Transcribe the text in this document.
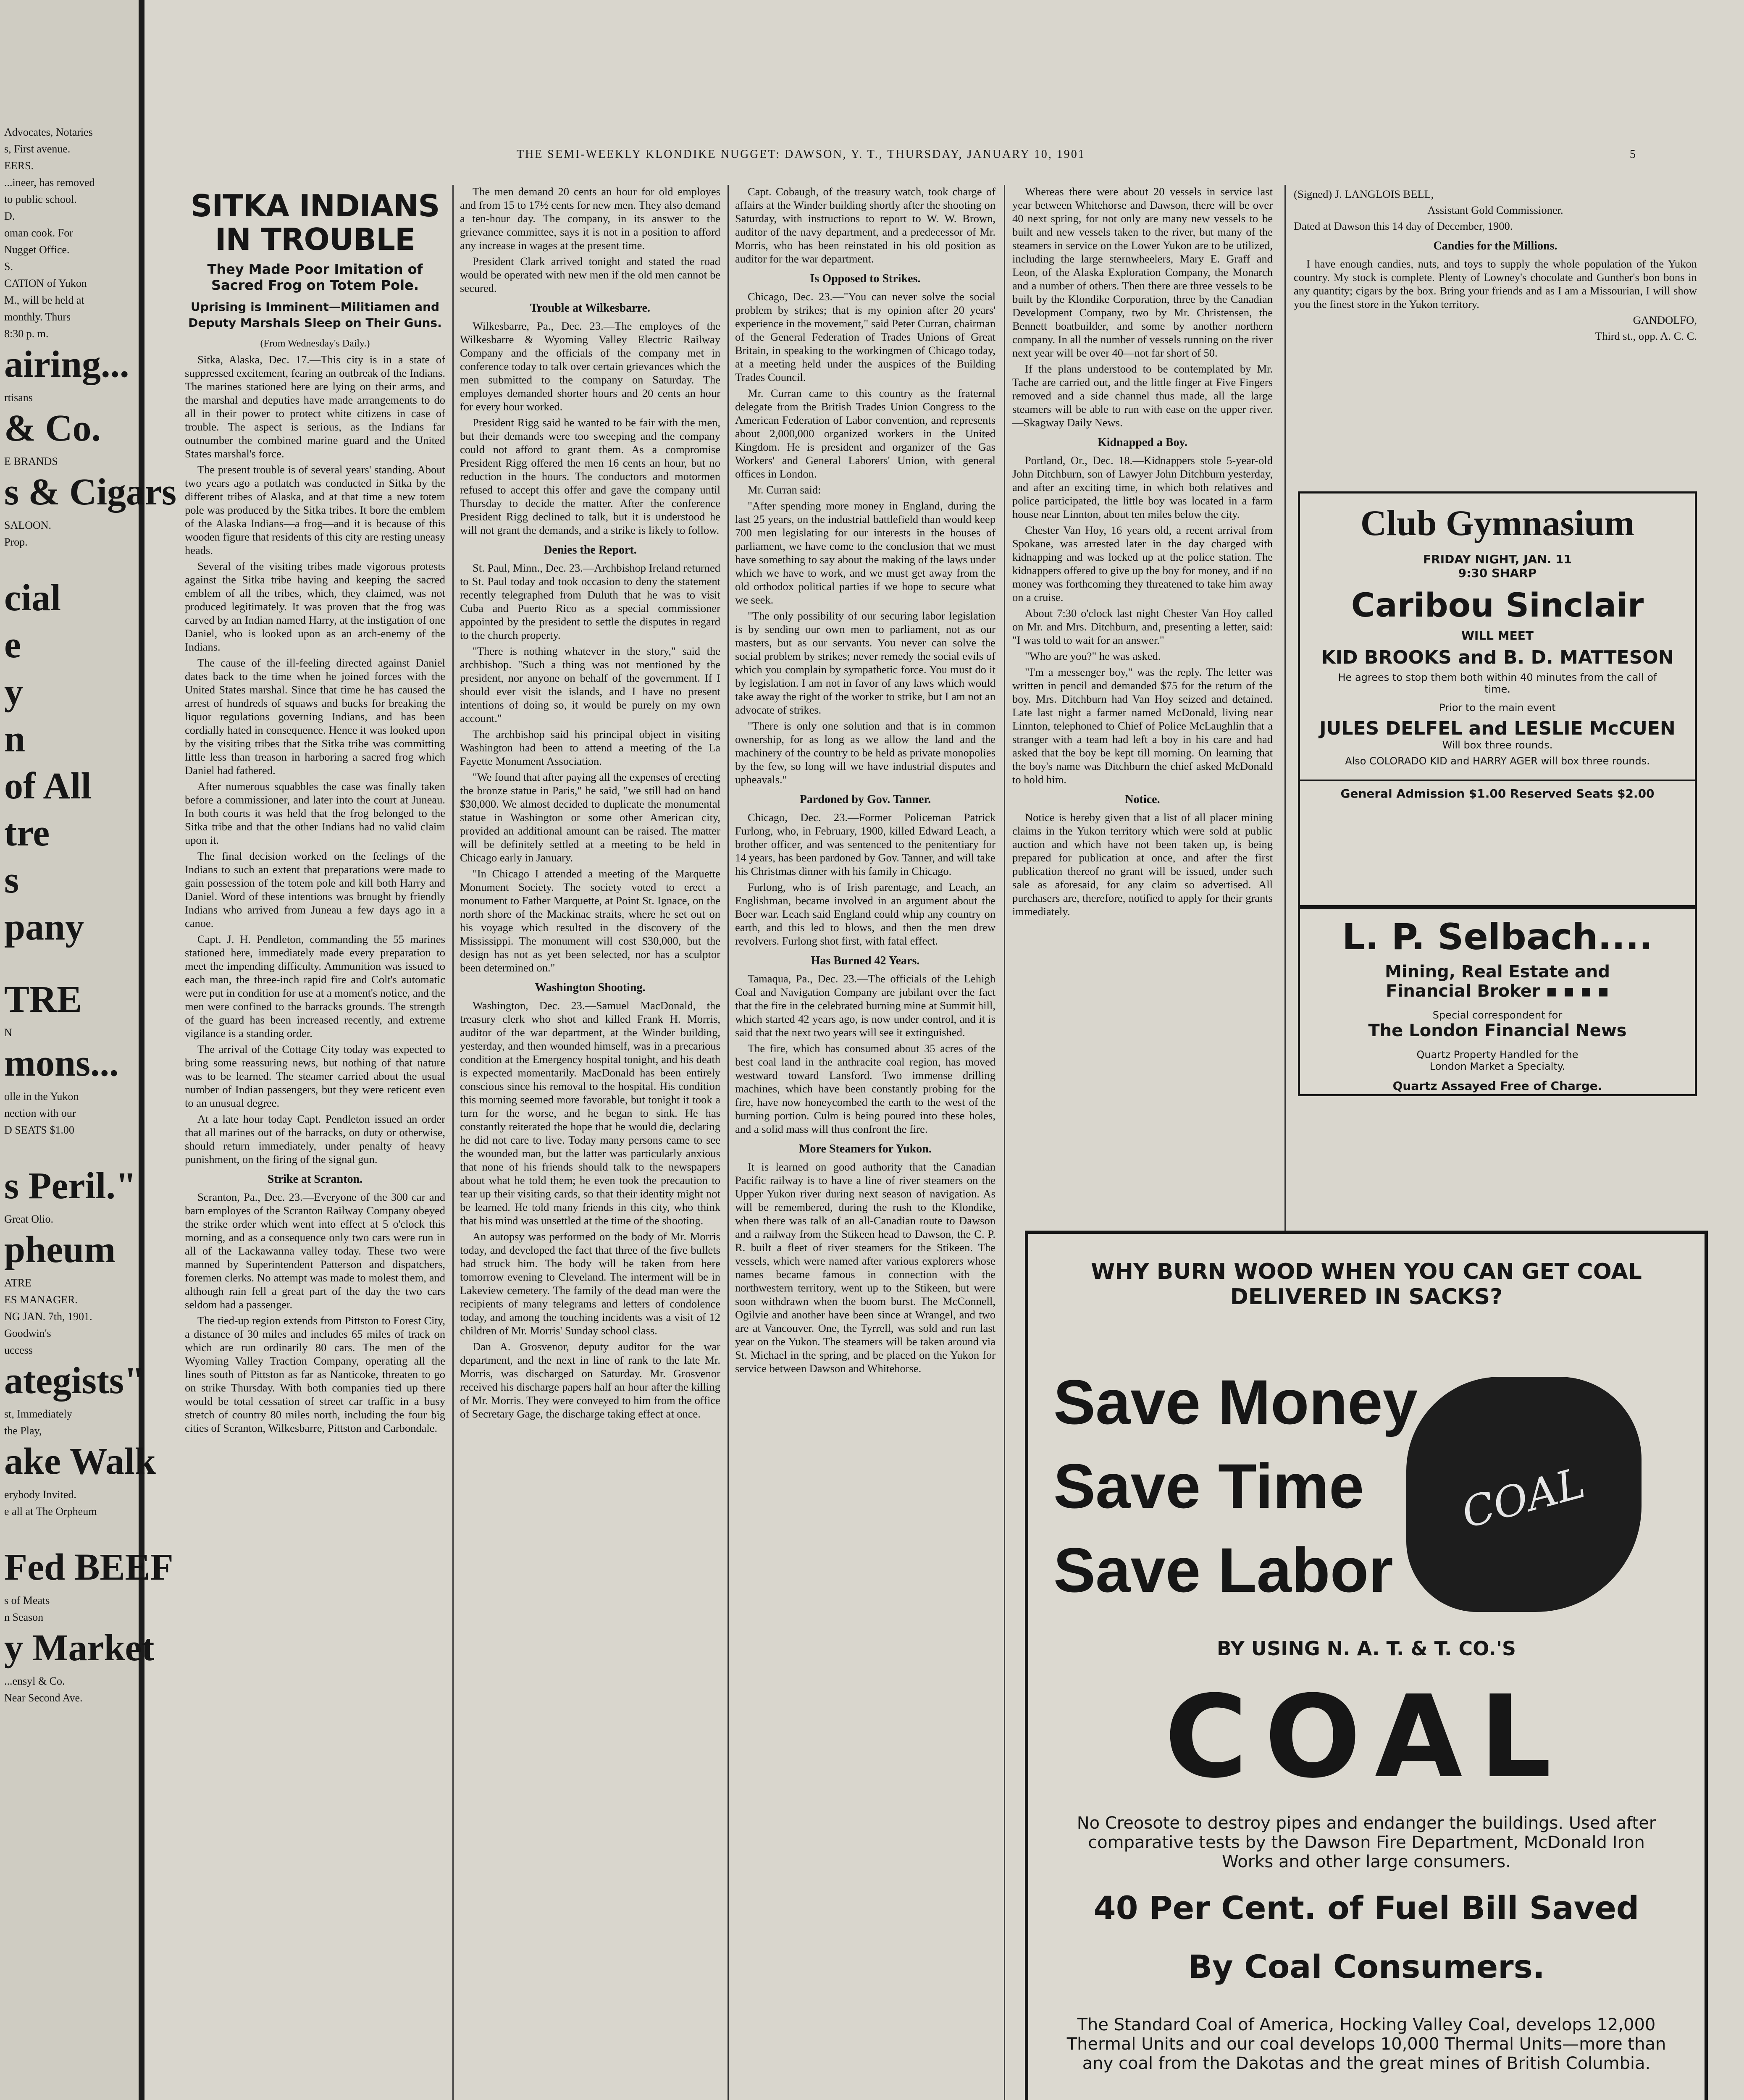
Advocates, Notaries
s, First avenue.
EERS.
...ineer, has removed
to public school.
D.
oman cook. For
Nugget Office.
S.
CATION of Yukon
M., will be held at
monthly. Thurs
8:30 p. m.
airing...
rtisans
& Co.
E BRANDS
s & Cigars
SALOON.
Prop.
cial
e
y
n
of All
tre
s
pany
TRE
N
mons...
olle in the Yukon
nection with our
D SEATS $1.00
s Peril."
Great Olio.
pheum
ATRE
ES MANAGER.
NG JAN. 7th, 1901.
Goodwin's
uccess
ategists"
st, Immediately
the Play,
ake Walk
erybody Invited.
e all at The Orpheum
Fed BEEF
s of Meats
n Season
y Market
...ensyl & Co.
Near Second Ave.
THE SEMI-WEEKLY KLONDIKE NUGGET: DAWSON, Y. T., THURSDAY, JANUARY 10, 1901	5
SITKA INDIANS IN TROUBLE
They Made Poor Imitation of Sacred Frog on Totem Pole.
Uprising is Imminent—Militiamen and Deputy Marshals Sleep on Their Guns.
(From Wednesday's Daily.)

Sitka, Alaska, Dec. 17.—This city is in a state of suppressed excitement, fearing an outbreak of the Indians. The marines stationed here are lying on their arms, and the marshal and deputies have made arrangements to do all in their power to protect white citizens in case of trouble. The aspect is serious, as the Indians far outnumber the combined marine guard and the United States marshal's force.

The present trouble is of several years' standing. About two years ago a potlatch was conducted in Sitka by the different tribes of Alaska, and at that time a new totem pole was produced by the Sitka tribes. It bore the emblem of the Alaska Indians—a frog—and it is because of this wooden figure that residents of this city are resting uneasy heads.

Several of the visiting tribes made vigorous protests against the Sitka tribe having and keeping the sacred emblem of all the tribes, which, they claimed, was not produced legitimately. It was proven that the frog was carved by an Indian named Harry, at the instigation of one Daniel, who is looked upon as an arch-enemy of the Indians.

The cause of the ill-feeling directed against Daniel dates back to the time when he joined forces with the United States marshal. Since that time he has caused the arrest of hundreds of squaws and bucks for breaking the liquor regulations governing Indians, and has been cordially hated in consequence. Hence it was looked upon by the visiting tribes that the Sitka tribe was committing little less than treason in harboring a sacred frog which Daniel had fathered.

After numerous squabbles the case was finally taken before a commissioner, and later into the court at Juneau. In both courts it was held that the frog belonged to the Sitka tribe and that the other Indians had no valid claim upon it.

The final decision worked on the feelings of the Indians to such an extent that preparations were made to gain possession of the totem pole and kill both Harry and Daniel. Word of these intentions was brought by friendly Indians who arrived from Juneau a few days ago in a canoe.

Capt. J. H. Pendleton, commanding the 55 marines stationed here, immediately made every preparation to meet the impending difficulty. Ammunition was issued to each man, the three-inch rapid fire and Colt's automatic were put in condition for use at a moment's notice, and the men were confined to the barracks grounds. The strength of the guard has been increased recently, and extreme vigilance is a standing order.

The arrival of the Cottage City today was expected to bring some reassuring news, but nothing of that nature was to be learned. The steamer carried about the usual number of Indian passengers, but they were reticent even to an unusual degree.

At a late hour today Capt. Pendleton issued an order that all marines out of the barracks, on duty or otherwise, should return immediately, under penalty of heavy punishment, on the firing of the signal gun.

Strike at Scranton.

Scranton, Pa., Dec. 23.—Everyone of the 300 car and barn employes of the Scranton Railway Company obeyed the strike order which went into effect at 5 o'clock this morning, and as a consequence only two cars were run in all of the Lackawanna valley today. These two were manned by Superintendent Patterson and dispatchers, foremen clerks. No attempt was made to molest them, and although rain fell a great part of the day the two cars seldom had a passenger.

The tied-up region extends from Pittston to Forest City, a distance of 30 miles and includes 65 miles of track on which are run ordinarily 80 cars. The men of the Wyoming Valley Traction Company, operating all the lines south of Pittston as far as Nanticoke, threaten to go on strike Thursday. With both companies tied up there would be total cessation of street car traffic in a busy stretch of country 80 miles north, including the four big cities of Scranton, Wilkesbarre, Pittston and Carbondale.

The men demand 20 cents an hour for old employes and from 15 to 17½ cents for new men. They also demand a ten-hour day. The company, in its answer to the grievance committee, says it is not in a position to afford any increase in wages at the present time.

President Clark arrived tonight and stated the road would be operated with new men if the old men cannot be secured.

Trouble at Wilkesbarre.

Wilkesbarre, Pa., Dec. 23.—The employes of the Wilkesbarre & Wyoming Valley Electric Railway Company and the officials of the company met in conference today to talk over certain grievances which the men submitted to the company on Saturday. The employes demanded shorter hours and 20 cents an hour for every hour worked.

President Rigg said he wanted to be fair with the men, but their demands were too sweeping and the company could not afford to grant them. As a compromise President Rigg offered the men 16 cents an hour, but no reduction in the hours. The conductors and motormen refused to accept this offer and gave the company until Thursday to decide the matter. After the conference President Rigg declined to talk, but it is understood he will not grant the demands, and a strike is likely to follow.

Denies the Report.

St. Paul, Minn., Dec. 23.—Archbishop Ireland returned to St. Paul today and took occasion to deny the statement recently telegraphed from Duluth that he was to visit Cuba and Puerto Rico as a special commissioner appointed by the president to settle the disputes in regard to the church property.

"There is nothing whatever in the story," said the archbishop. "Such a thing was not mentioned by the president, nor anyone on behalf of the government. If I should ever visit the islands, and I have no present intentions of doing so, it would be purely on my own account."

The archbishop said his principal object in visiting Washington had been to attend a meeting of the La Fayette Monument Association.

"We found that after paying all the expenses of erecting the bronze statue in Paris," he said, "we still had on hand $30,000. We almost decided to duplicate the monumental statue in Washington or some other American city, provided an additional amount can be raised. The matter will be definitely settled at a meeting to be held in Chicago early in January.

"In Chicago I attended a meeting of the Marquette Monument Society. The society voted to erect a monument to Father Marquette, at Point St. Ignace, on the north shore of the Mackinac straits, where he set out on his voyage which resulted in the discovery of the Mississippi. The monument will cost $30,000, but the design has not as yet been selected, nor has a sculptor been determined on."

Washington Shooting.

Washington, Dec. 23.—Samuel MacDonald, the treasury clerk who shot and killed Frank H. Morris, auditor of the war department, at the Winder building, yesterday, and then wounded himself, was in a precarious condition at the Emergency hospital tonight, and his death is expected momentarily. MacDonald has been entirely conscious since his removal to the hospital. His condition this morning seemed more favorable, but tonight it took a turn for the worse, and he began to sink. He has constantly reiterated the hope that he would die, declaring he did not care to live. Today many persons came to see the wounded man, but the latter was particularly anxious that none of his friends should talk to the newspapers about what he told them; he even took the precaution to tear up their visiting cards, so that their identity might not be learned. He told many friends in this city, who think that his mind was unsettled at the time of the shooting.

An autopsy was performed on the body of Mr. Morris today, and developed the fact that three of the five bullets had struck him. The body will be taken from here tomorrow evening to Cleveland. The interment will be in Lakeview cemetery. The family of the dead man were the recipients of many telegrams and letters of condolence today, and among the touching incidents was a visit of 12 children of Mr. Morris' Sunday school class.

Dan A. Grosvenor, deputy auditor for the war department, and the next in line of rank to the late Mr. Morris, was discharged on Saturday. Mr. Grosvenor received his discharge papers half an hour after the killing of Mr. Morris. They were conveyed to him from the office of Secretary Gage, the discharge taking effect at once.

Capt. Cobaugh, of the treasury watch, took charge of affairs at the Winder building shortly after the shooting on Saturday, with instructions to report to W. W. Brown, auditor of the navy department, and a predecessor of Mr. Morris, who has been reinstated in his old position as auditor for the war department.

Is Opposed to Strikes.

Chicago, Dec. 23.—"You can never solve the social problem by strikes; that is my opinion after 20 years' experience in the movement," said Peter Curran, chairman of the General Federation of Trades Unions of Great Britain, in speaking to the workingmen of Chicago today, at a meeting held under the auspices of the Building Trades Council.

Mr. Curran came to this country as the fraternal delegate from the British Trades Union Congress to the American Federation of Labor convention, and represents about 2,000,000 organized workers in the United Kingdom. He is president and organizer of the Gas Workers' and General Laborers' Union, with general offices in London.

Mr. Curran said:

"After spending more money in England, during the last 25 years, on the industrial battlefield than would keep 700 men legislating for our interests in the houses of parliament, we have come to the conclusion that we must have something to say about the making of the laws under which we have to work, and we must get away from the old orthodox political parties if we hope to secure what we seek.

"The only possibility of our securing labor legislation is by sending our own men to parliament, not as our masters, but as our servants. You never can solve the social problem by strikes; never remedy the social evils of which you complain by sympathetic force. You must do it by legislation. I am not in favor of any laws which would take away the right of the worker to strike, but I am not an advocate of strikes.

"There is only one solution and that is in common ownership, for as long as we allow the land and the machinery of the country to be held as private monopolies by the few, so long will we have industrial disputes and upheavals."

Pardoned by Gov. Tanner.

Chicago, Dec. 23.—Former Policeman Patrick Furlong, who, in February, 1900, killed Edward Leach, a brother officer, and was sentenced to the penitentiary for 14 years, has been pardoned by Gov. Tanner, and will take his Christmas dinner with his family in Chicago.

Furlong, who is of Irish parentage, and Leach, an Englishman, became involved in an argument about the Boer war. Leach said England could whip any country on earth, and this led to blows, and then the men drew revolvers. Furlong shot first, with fatal effect.

Has Burned 42 Years.

Tamaqua, Pa., Dec. 23.—The officials of the Lehigh Coal and Navigation Company are jubilant over the fact that the fire in the celebrated burning mine at Summit hill, which started 42 years ago, is now under control, and it is said that the next two years will see it extinguished.

The fire, which has consumed about 35 acres of the best coal land in the anthracite coal region, has moved westward toward Lansford. Two immense drilling machines, which have been constantly probing for the fire, have now honeycombed the earth to the west of the burning portion. Culm is being poured into these holes, and a solid mass will thus confront the fire.

More Steamers for Yukon.

It is learned on good authority that the Canadian Pacific railway is to have a line of river steamers on the Upper Yukon river during next season of navigation. As will be remembered, during the rush to the Klondike, when there was talk of an all-Canadian route to Dawson and a railway from the Stikeen head to Dawson, the C. P. R. built a fleet of river steamers for the Stikeen. The vessels, which were named after various explorers whose names became famous in connection with the northwestern territory, went up to the Stikeen, but were soon withdrawn when the boom burst. The McConnell, Ogilvie and another have been since at Wrangel, and two are at Vancouver. One, the Tyrrell, was sold and run last year on the Yukon. The steamers will be taken around via St. Michael in the spring, and be placed on the Yukon for service between Dawson and Whitehorse.

Whereas there were about 20 vessels in service last year between Whitehorse and Dawson, there will be over 40 next spring, for not only are many new vessels to be built and new vessels taken to the river, but many of the steamers in service on the Lower Yukon are to be utilized, including the large sternwheelers, Mary E. Graff and Leon, of the Alaska Exploration Company, the Monarch and a number of others. Then there are three vessels to be built by the Klondike Corporation, three by the Canadian Development Company, two by Mr. Christensen, the Bennett boatbuilder, and some by another northern company. In all the number of vessels running on the river next year will be over 40—not far short of 50.

If the plans understood to be contemplated by Mr. Tache are carried out, and the little finger at Five Fingers removed and a side channel thus made, all the large steamers will be able to run with ease on the upper river.—Skagway Daily News.

Kidnapped a Boy.

Portland, Or., Dec. 18.—Kidnappers stole 5-year-old John Ditchburn, son of Lawyer John Ditchburn yesterday, and after an exciting time, in which both relatives and police participated, the little boy was located in a farm house near Linnton, about ten miles below the city.

Chester Van Hoy, 16 years old, a recent arrival from Spokane, was arrested later in the day charged with kidnapping and was locked up at the police station. The kidnappers offered to give up the boy for money, and if no money was forthcoming they threatened to take him away on a cruise.

About 7:30 o'clock last night Chester Van Hoy called on Mr. and Mrs. Ditchburn, and, presenting a letter, said: "I was told to wait for an answer."

"Who are you?" he was asked.

"I'm a messenger boy," was the reply. The letter was written in pencil and demanded $75 for the return of the boy. Mrs. Ditchburn had Van Hoy seized and detained. Late last night a farmer named McDonald, living near Linnton, telephoned to Chief of Police McLaughlin that a stranger with a team had left a boy in his care and had asked that the boy be kept till morning. On learning that the boy's name was Ditchburn the chief asked McDonald to hold him.

Notice.

Notice is hereby given that a list of all placer mining claims in the Yukon territory which were sold at public auction and which have not been taken up, is being prepared for publication at once, and after the first publication thereof no grant will be issued, under such sale as aforesaid, for any claim so advertised. All purchasers are, therefore, notified to apply for their grants immediately.

(Signed) J. LANGLOIS BELL,

Assistant Gold Commissioner.

Dated at Dawson this 14 day of December, 1900.

Candies for the Millions.

I have enough candies, nuts, and toys to supply the whole population of the Yukon country. My stock is complete. Plenty of Lowney's chocolate and Gunther's bon bons in any quantity; cigars by the box. Bring your friends and as I am a Missourian, I will show you the finest store in the Yukon territory.

GANDOLFO,

Third st., opp. A. C. C.

Club Gymnasium
FRIDAY NIGHT, JAN. 11
9:30 SHARP
Caribou Sinclair
WILL MEET
KID BROOKS and B. D. MATTESON
He agrees to stop them both within 40 minutes from the call of time.
Prior to the main event
JULES DELFEL and LESLIE McCUEN
Will box three rounds.
Also COLORADO KID and HARRY AGER will box three rounds.
General Admission $1.00 Reserved Seats $2.00
L. P. Selbach....
Mining, Real Estate and
Financial Broker ▪ ▪ ▪ ▪
Special correspondent for
The London Financial News
Quartz Property Handled for the
London Market a Specialty.
Quartz Assayed Free of Charge.
WHY BURN WOOD WHEN YOU CAN GET COAL DELIVERED IN SACKS?
Save Money
Save Time
Save Labor
COAL
BY USING N. A. T. & T. CO.'S
COAL
No Creosote to destroy pipes and endanger the buildings. Used after comparative tests by the Dawson Fire Department, McDonald Iron Works and other large consumers.
40 Per Cent. of Fuel Bill Saved
By Coal Consumers.
The Standard Coal of America, Hocking Valley Coal, develops 12,000 Thermal Units and our coal develops 10,000 Thermal Units—more than any coal from the Dakotas and the great mines of British Columbia.
